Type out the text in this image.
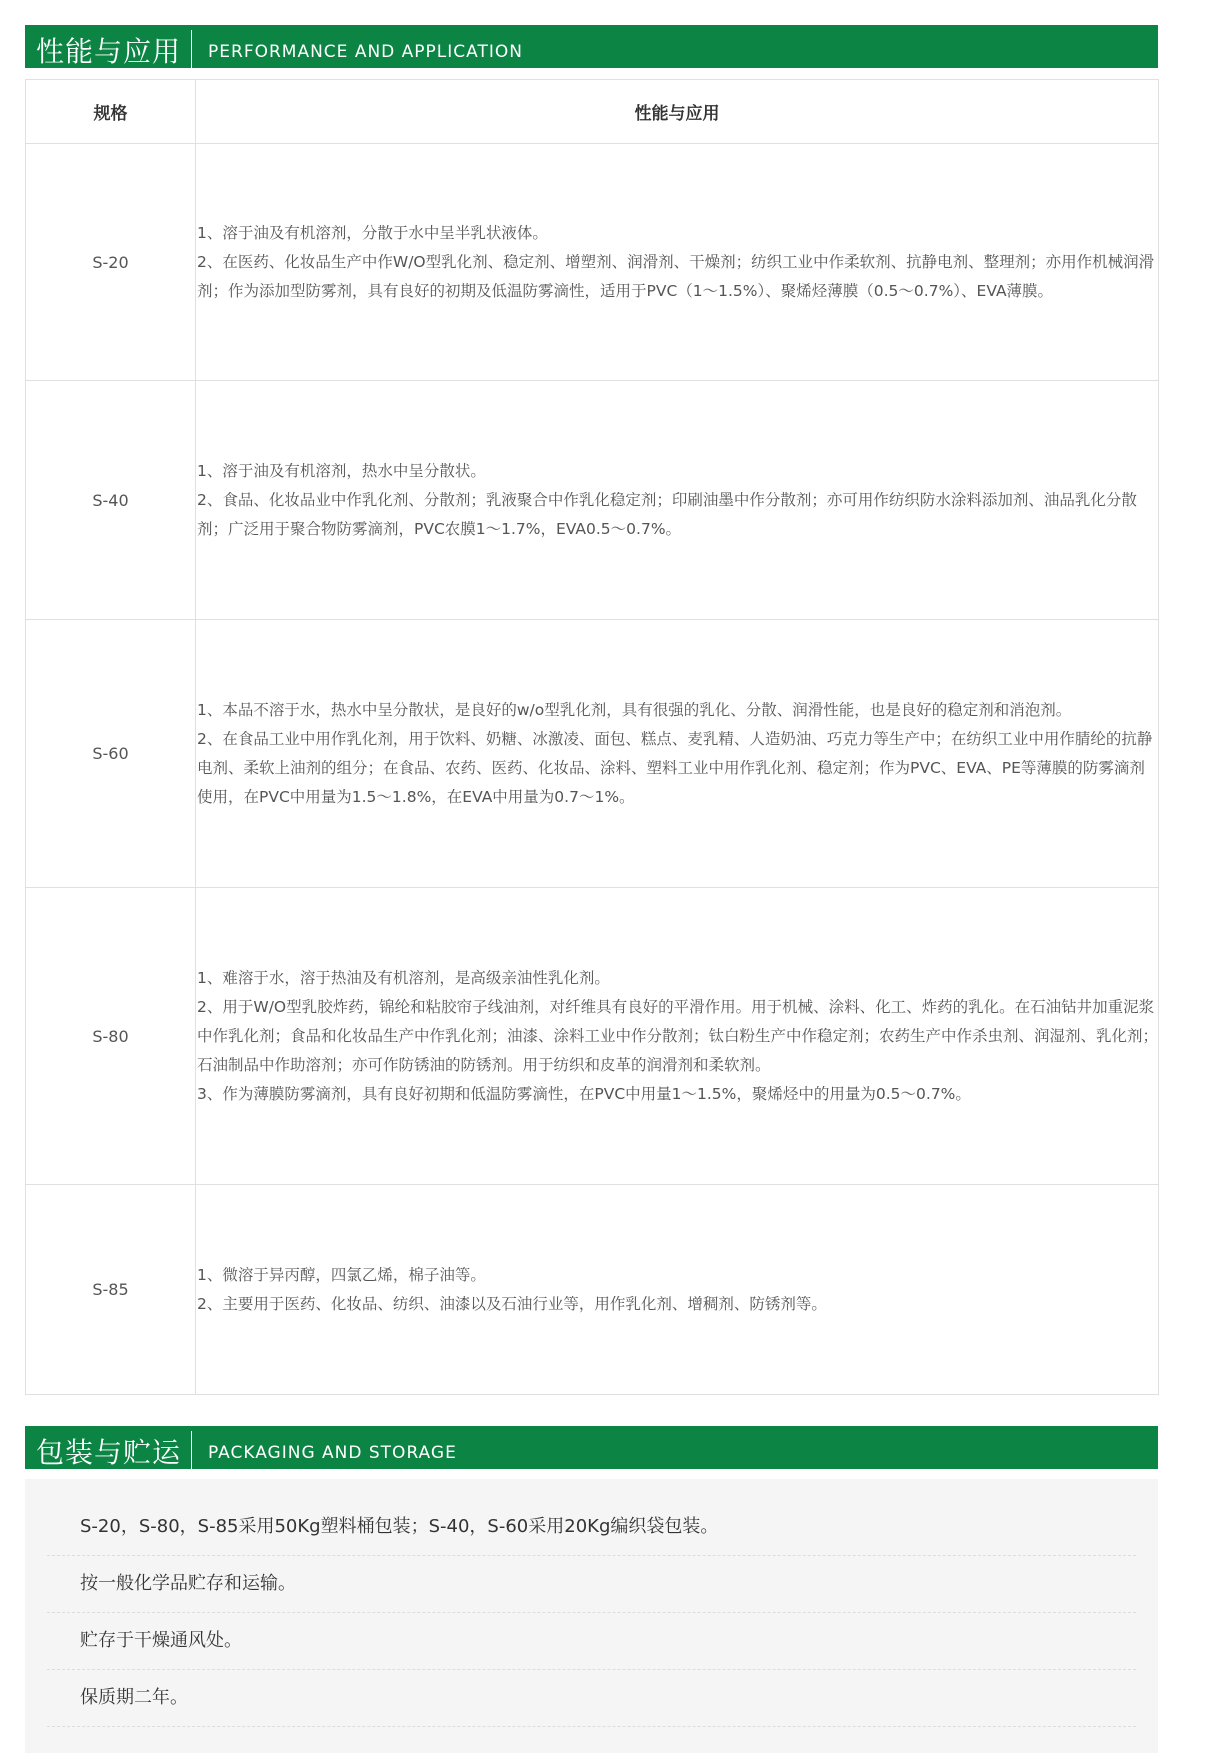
性能与应用	PERFORMANCE AND APPLICATION
规格	性能与应用
S-20	1、溶于油及有机溶剂，分散于水中呈半乳状液体。

2、在医药、化妆品生产中作W/O型乳化剂、稳定剂、增塑剂、润滑剂、干燥剂；纺织工业中作柔软剂、抗静电剂、整理剂；亦用作机械润滑剂；作为添加型防雾剂，具有良好的初期及低温防雾滴性，适用于PVC（1～1.5%）、聚烯烃薄膜（0.5～0.7%）、EVA薄膜。

S-40	1、溶于油及有机溶剂，热水中呈分散状。

2、食品、化妆品业中作乳化剂、分散剂；乳液聚合中作乳化稳定剂；印刷油墨中作分散剂；亦可用作纺织防水涂料添加剂、油品乳化分散剂；广泛用于聚合物防雾滴剂，PVC农膜1～1.7%，EVA0.5～0.7%。

S-60	1、本品不溶于水，热水中呈分散状，是良好的w/o型乳化剂，具有很强的乳化、分散、润滑性能，也是良好的稳定剂和消泡剂。

2、在食品工业中用作乳化剂，用于饮料、奶糖、冰激凌、面包、糕点、麦乳精、人造奶油、巧克力等生产中；在纺织工业中用作腈纶的抗静电剂、柔软上油剂的组分；在食品、农药、医药、化妆品、涂料、塑料工业中用作乳化剂、稳定剂；作为PVC、EVA、PE等薄膜的防雾滴剂使用，在PVC中用量为1.5～1.8%，在EVA中用量为0.7～1%。

S-80	1、难溶于水，溶于热油及有机溶剂，是高级亲油性乳化剂。

2、用于W/O型乳胶炸药，锦纶和粘胶帘子线油剂，对纤维具有良好的平滑作用。用于机械、涂料、化工、炸药的乳化。在石油钻井加重泥浆中作乳化剂；食品和化妆品生产中作乳化剂；油漆、涂料工业中作分散剂；钛白粉生产中作稳定剂；农药生产中作杀虫剂、润湿剂、乳化剂；石油制品中作助溶剂；亦可作防锈油的防锈剂。用于纺织和皮革的润滑剂和柔软剂。

3、作为薄膜防雾滴剂，具有良好初期和低温防雾滴性，在PVC中用量1～1.5%，聚烯烃中的用量为0.5～0.7%。

S-85	1、微溶于异丙醇，四氯乙烯，棉子油等。

2、主要用于医药、化妆品、纺织、油漆以及石油行业等，用作乳化剂、增稠剂、防锈剂等。

包装与贮运	PACKAGING AND STORAGE
S-20，S-80，S-85采用50Kg塑料桶包装；S-40，S-60采用20Kg编织袋包装。
按一般化学品贮存和运输。
贮存于干燥通风处。
保质期二年。
